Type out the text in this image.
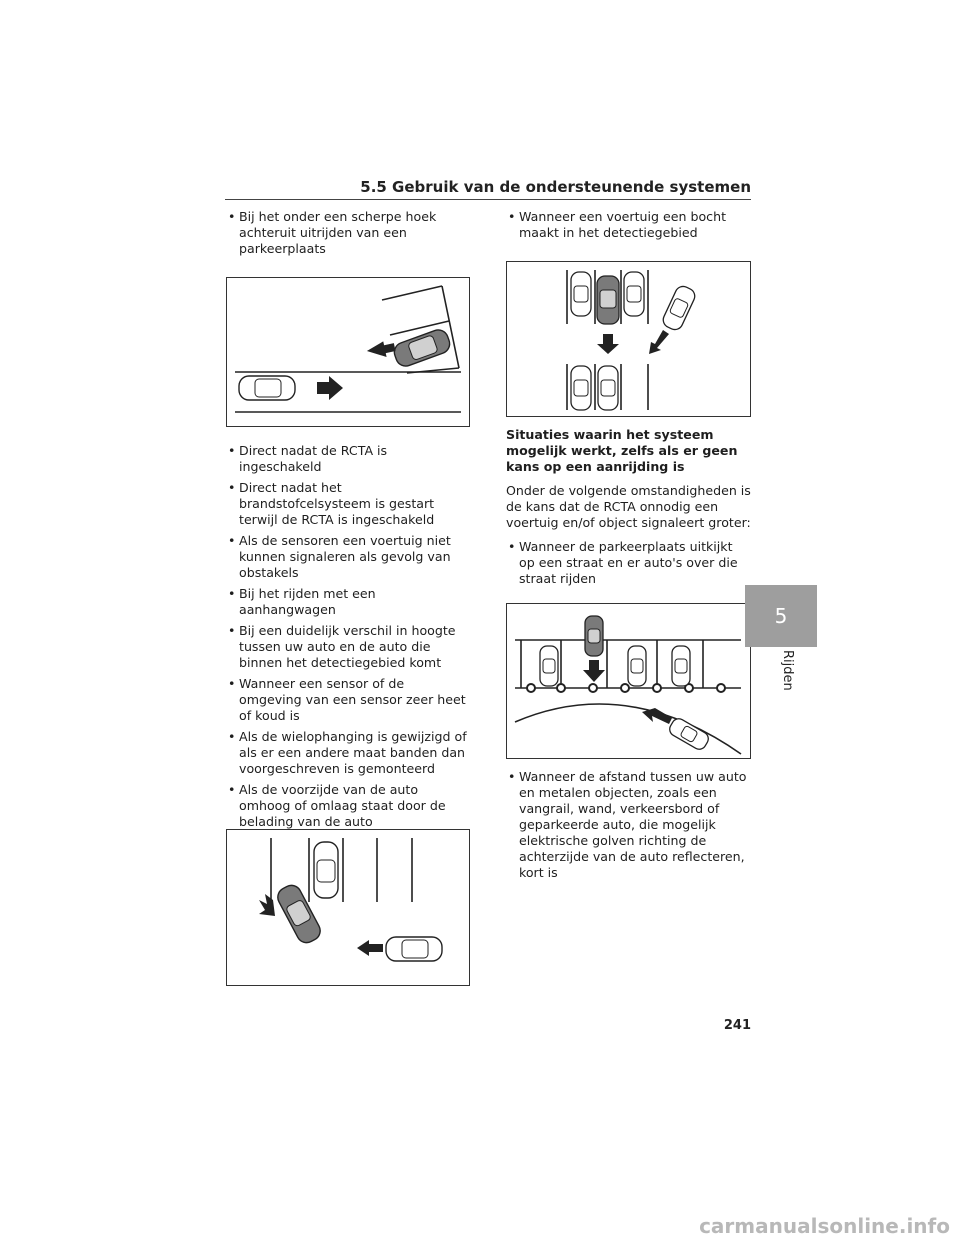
5.5 Gebruik van de ondersteunende systemen
• Bij het onder een scherpe hoek achteruit uitrijden van een parkeerplaats
• Direct nadat de RCTA is ingeschakeld
• Direct nadat het brandstofcelsysteem is gestart terwijl de RCTA is ingeschakeld
• Als de sensoren een voertuig niet kunnen signaleren als gevolg van obstakels
• Bij het rijden met een aanhangwagen
• Bij een duidelijk verschil in hoogte tussen uw auto en de auto die binnen het detectiegebied komt
• Wanneer een sensor of de omgeving van een sensor zeer heet of koud is
• Als de wielophanging is gewijzigd of als er een andere maat banden dan voorgeschreven is gemonteerd
• Als de voorzijde van de auto omhoog of omlaag staat door de belading van de auto
•
• Wanneer een voertuig een bocht maakt in het detectiegebied

Situaties waarin het systeem mogelijk werkt, zelfs als er geen kans op een aanrijding is

Onder de volgende omstandigheden is de kans dat de RCTA onnodig een voertuig en/of object signaleert groter:

• Wanneer de parkeerplaats uitkijkt op een straat en er auto's over die straat rijden
• Wanneer de afstand tussen uw auto en metalen objecten, zoals een vangrail, wand, verkeersbord of geparkeerde auto, die mogelijk elektrische golven richting de achterzijde van de auto reflecteren, kort is
5
Rijden
241
carmanualsonline.info
